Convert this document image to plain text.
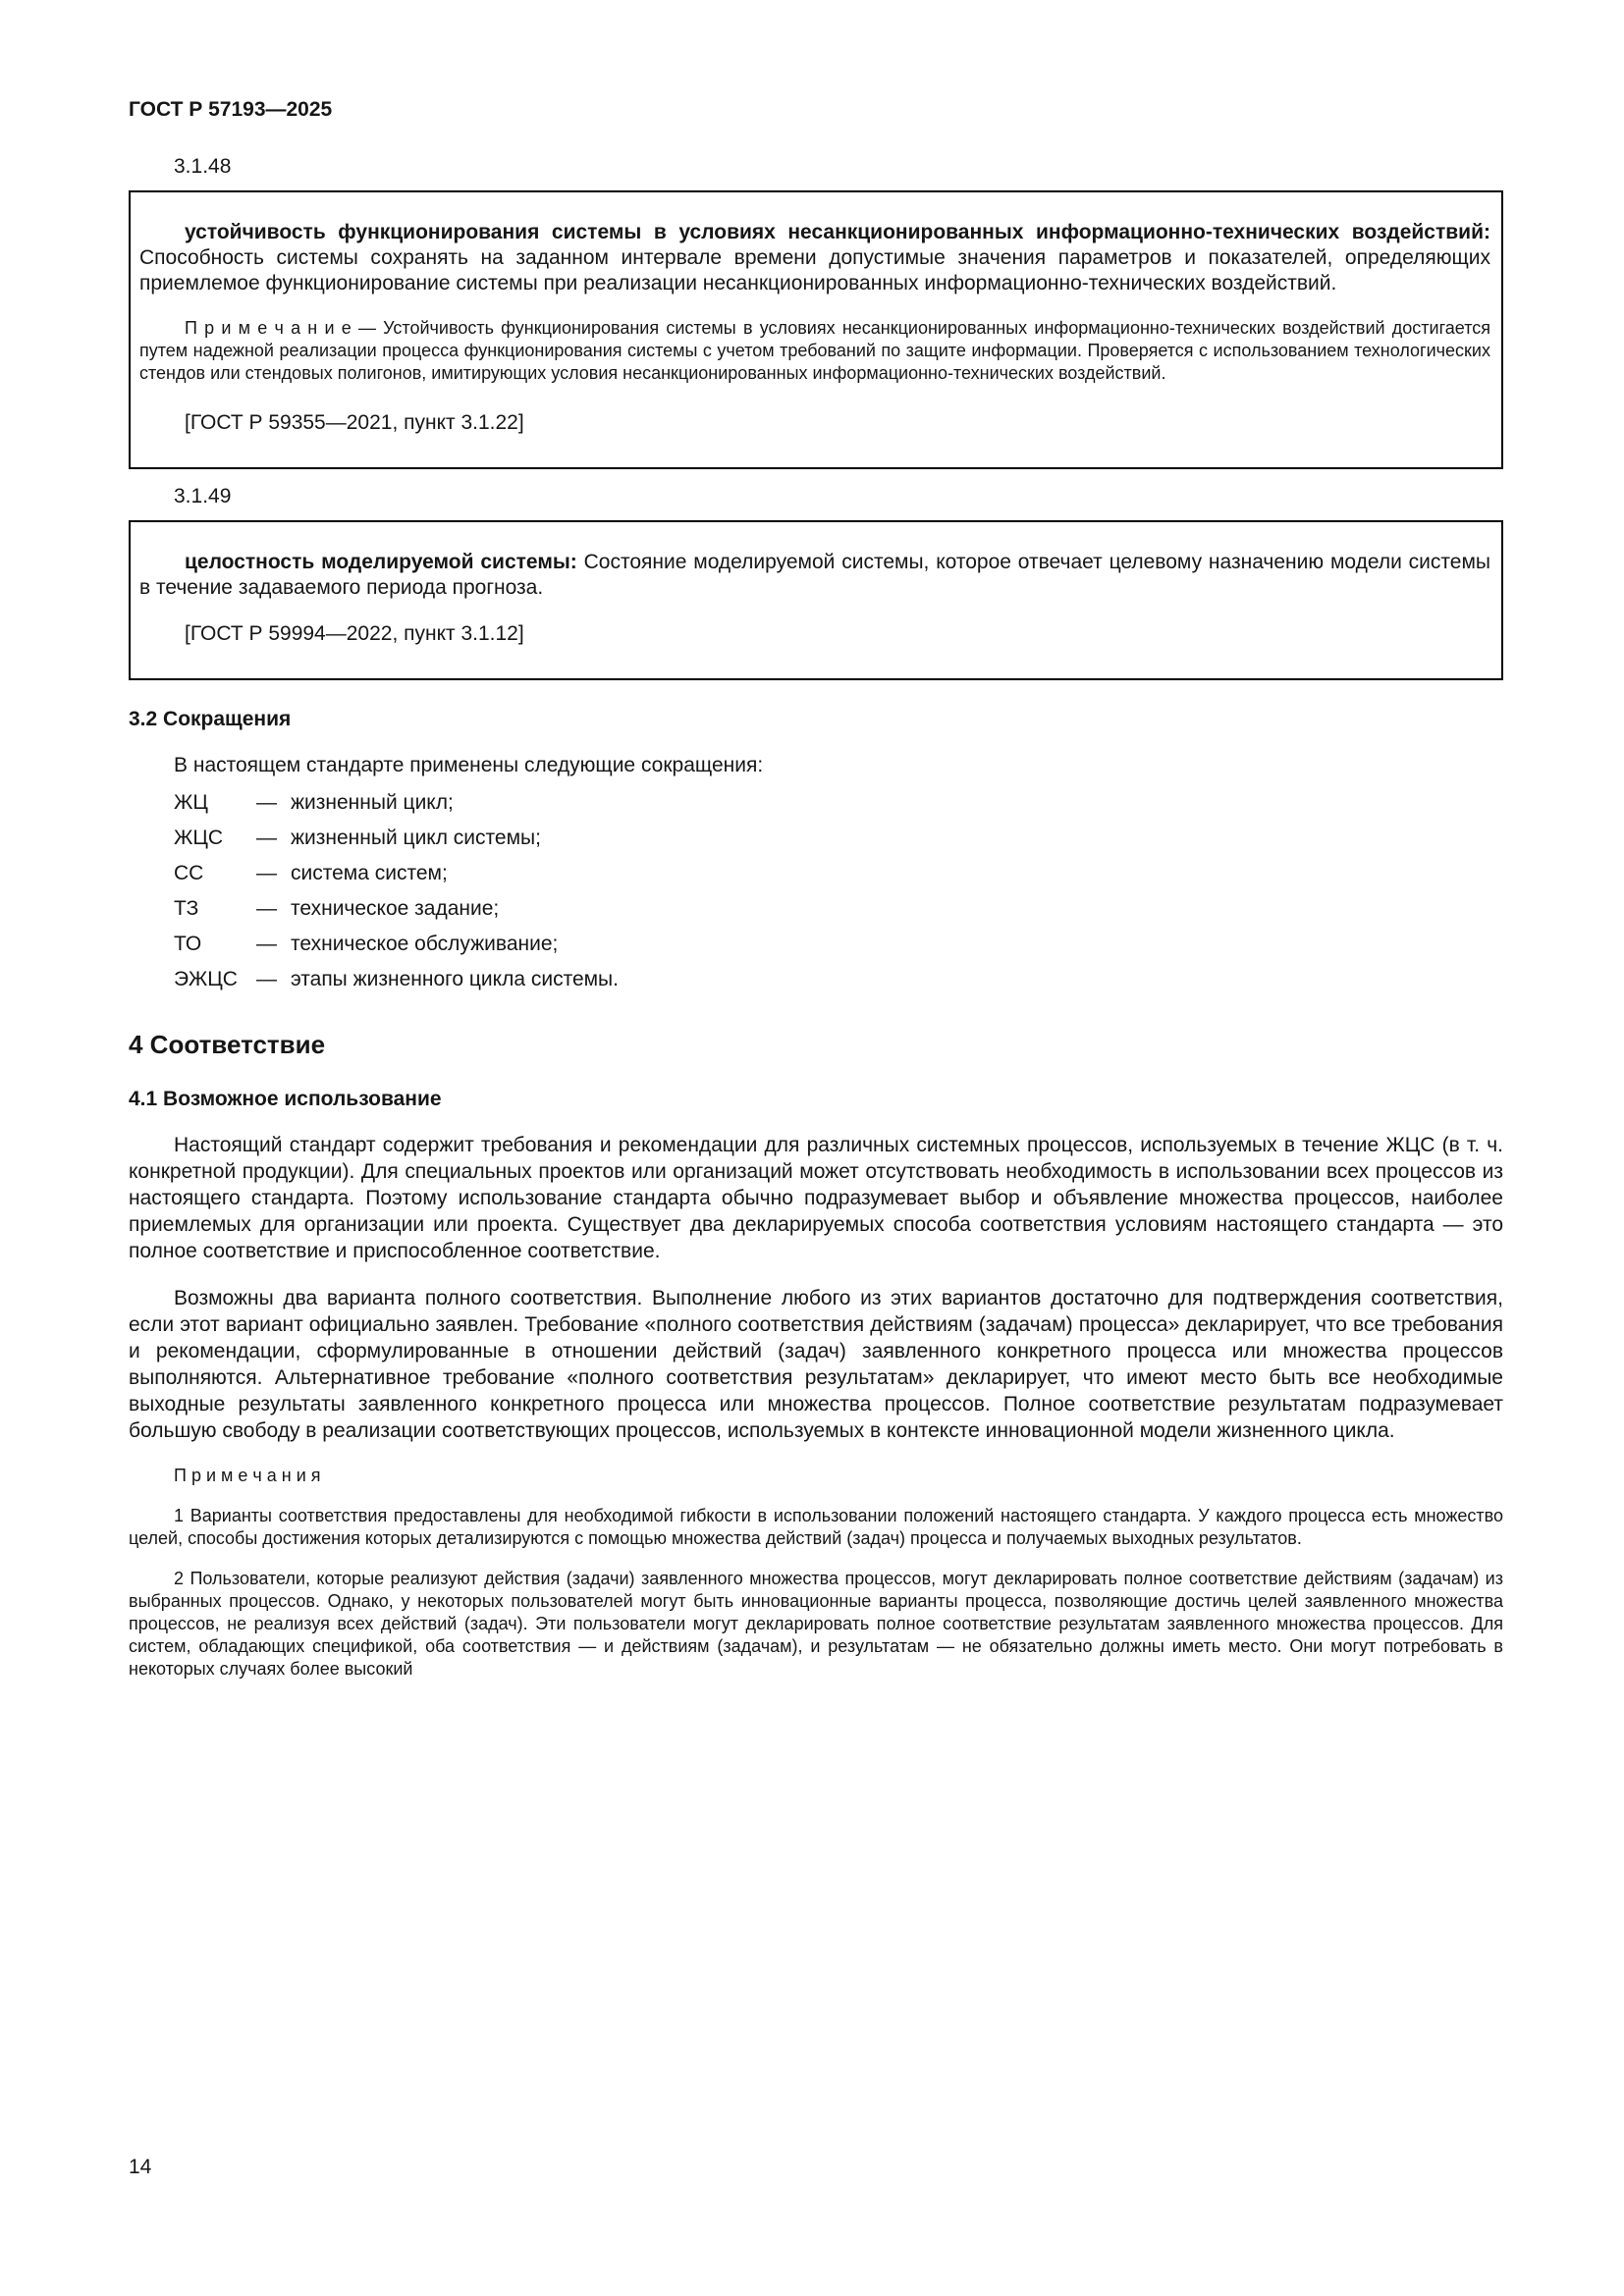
ГОСТ Р 57193—2025
3.1.48

устойчивость функционирования системы в условиях несанкционированных информационно-технических воздействий: Способность системы сохранять на заданном интервале времени допустимые значения параметров и показателей, определяющих приемлемое функционирование системы при реализации несанкционированных информационно-технических воздействий.

П р и м е ч а н и е — Устойчивость функционирования системы в условиях несанкционированных информационно-технических воздействий достигается путем надежной реализации процесса функционирования системы с учетом требований по защите информации. Проверяется с использованием технологических стендов или стендовых полигонов, имитирующих условия несанкционированных информационно-технических воздействий.

[ГОСТ Р 59355—2021, пункт 3.1.22]

3.1.49

целостность моделируемой системы: Состояние моделируемой системы, которое отвечает целевому назначению модели системы в течение задаваемого периода прогноза.

[ГОСТ Р 59994—2022, пункт 3.1.12]

3.2 Сокращения

В настоящем стандарте применены следующие сокращения:

ЖЦ	— жизненный цикл;
ЖЦС	— жизненный цикл системы;
СС	— система систем;
ТЗ	— техническое задание;
ТО	— техническое обслуживание;
ЭЖЦС — этапы жизненного цикла системы.
4 Соответствие
4.1 Возможное использование

Настоящий стандарт содержит требования и рекомендации для различных системных процессов, используемых в течение ЖЦС (в т. ч. конкретной продукции). Для специальных проектов или организаций может отсутствовать необходимость в использовании всех процессов из настоящего стандарта. Поэтому использование стандарта обычно подразумевает выбор и объявление множества процессов, наиболее приемлемых для организации или проекта. Существует два декларируемых способа соответствия условиям настоящего стандарта — это полное соответствие и приспособленное соответствие.

Возможны два варианта полного соответствия. Выполнение любого из этих вариантов достаточно для подтверждения соответствия, если этот вариант официально заявлен. Требование «полного соответствия действиям (задачам) процесса» декларирует, что все требования и рекомендации, сформулированные в отношении действий (задач) заявленного конкретного процесса или множества процессов выполняются. Альтернативное требование «полного соответствия результатам» декларирует, что имеют место быть все необходимые выходные результаты заявленного конкретного процесса или множества процессов. Полное соответствие результатам подразумевает большую свободу в реализации соответствующих процессов, используемых в контексте инновационной модели жизненного цикла.

П р и м е ч а н и я

1 Варианты соответствия предоставлены для необходимой гибкости в использовании положений настоящего стандарта. У каждого процесса есть множество целей, способы достижения которых детализируются с помощью множества действий (задач) процесса и получаемых выходных результатов.

2 Пользователи, которые реализуют действия (задачи) заявленного множества процессов, могут декларировать полное соответствие действиям (задачам) из выбранных процессов. Однако, у некоторых пользователей могут быть инновационные варианты процесса, позволяющие достичь целей заявленного множества процессов, не реализуя всех действий (задач). Эти пользователи могут декларировать полное соответствие результатам заявленного множества процессов. Для систем, обладающих спецификой, оба соответствия — и действиям (задачам), и результатам — не обязательно должны иметь место. Они могут потребовать в некоторых случаях более высокий

14
